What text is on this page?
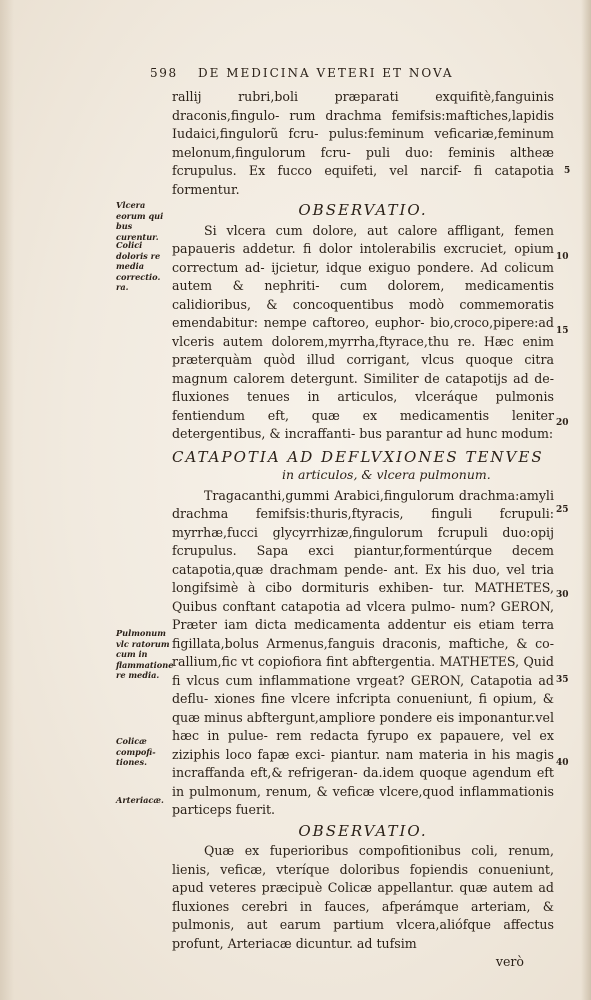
598 DE MEDICINA VETERI ET NOVA
Vlcera eorum qui bus curentur.
Colici doloris re media correctio. ra.
Pulmonum vlc ratorum cum in flammatione re media.
Colicæ compofi- tiones.
Arteriacæ.
5
10
15
20
25
30
35
40

rallij rubri,boli præparati exquifitè,fanguinis draconis,fingulo- rum drachma femifsis:maftiches,lapidis Iudaici,fingulorũ fcru- pulus:feminum veficariæ,feminum melonum,fingulorum fcru- puli duo: feminis altheæ fcrupulus. Ex fucco equifeti, vel narcif- fi catapotia formentur.

OBSERVATIO.

Si vlcera cum dolore, aut calore affligant, femen papaueris addetur. fi dolor intolerabilis excruciet, opium correctum ad- ijcietur, idque exiguo pondere. Ad colicum autem & nephriti- cum dolorem, medicamentis calidioribus, & concoquentibus modò commemoratis emendabitur: nempe caftoreo, euphor- bio,croco,pipere:ad vlceris autem dolorem,myrrha,ftyrace,thu re. Hæc enim præterquàm quòd illud corrigant, vlcus quoque citra magnum calorem detergunt. Similiter de catapotijs ad de- fluxiones tenues in articulos, vlceráque pulmonis fentiendum eft, quæ ex medicamentis leniter detergentibus, & incraffanti- bus parantur ad hunc modum:

CATAPOTIA AD DEFLVXIONES TENVES
in articulos, & vlcera pulmonum.

Tragacanthi,gummi Arabici,fingulorum drachma:amyli drachma femifsis:thuris,ftyracis, finguli fcrupuli: myrrhæ,fucci glycyrrhizæ,fingulorum fcrupuli duo:opij fcrupulus. Sapa exci piantur,formentúrque decem catapotia,quæ drachmam pende- ant. Ex his duo, vel tria longifsimè à cibo dormituris exhiben- tur. MATHETES, Quibus conftant catapotia ad vlcera pulmo- num? GERON, Præter iam dicta medicamenta addentur eis etiam terra figillata,bolus Armenus,fanguis draconis, maftiche, & co- rallium,fic vt copiofiora fint abftergentia. MATHETES, Quid fi vlcus cum inflammatione vrgeat? GERON, Catapotia ad deflu- xiones fine vlcere infcripta conueniunt, fi opium, & quæ minus abftergunt,ampliore pondere eis imponantur.vel hæc in pulue- rem redacta fyrupo ex papauere, vel ex ziziphis loco fapæ exci- piantur. nam materia in his magis incraffanda eft,& refrigeran- da.idem quoque agendum eft in pulmonum, renum, & veficæ vlcere,quod inflammationis particeps fuerit.

OBSERVATIO.

Quæ ex fuperioribus compofitionibus coli, renum, lienis, veficæ, vteríque doloribus fopiendis conueniunt, apud veteres præcipuè Colicæ appellantur. quæ autem ad fluxiones cerebri in fauces, afperámque arteriam, & pulmonis, aut earum partium vlcera,aliófque affectus profunt, Arteriacæ dicuntur. ad tufsim

verò
